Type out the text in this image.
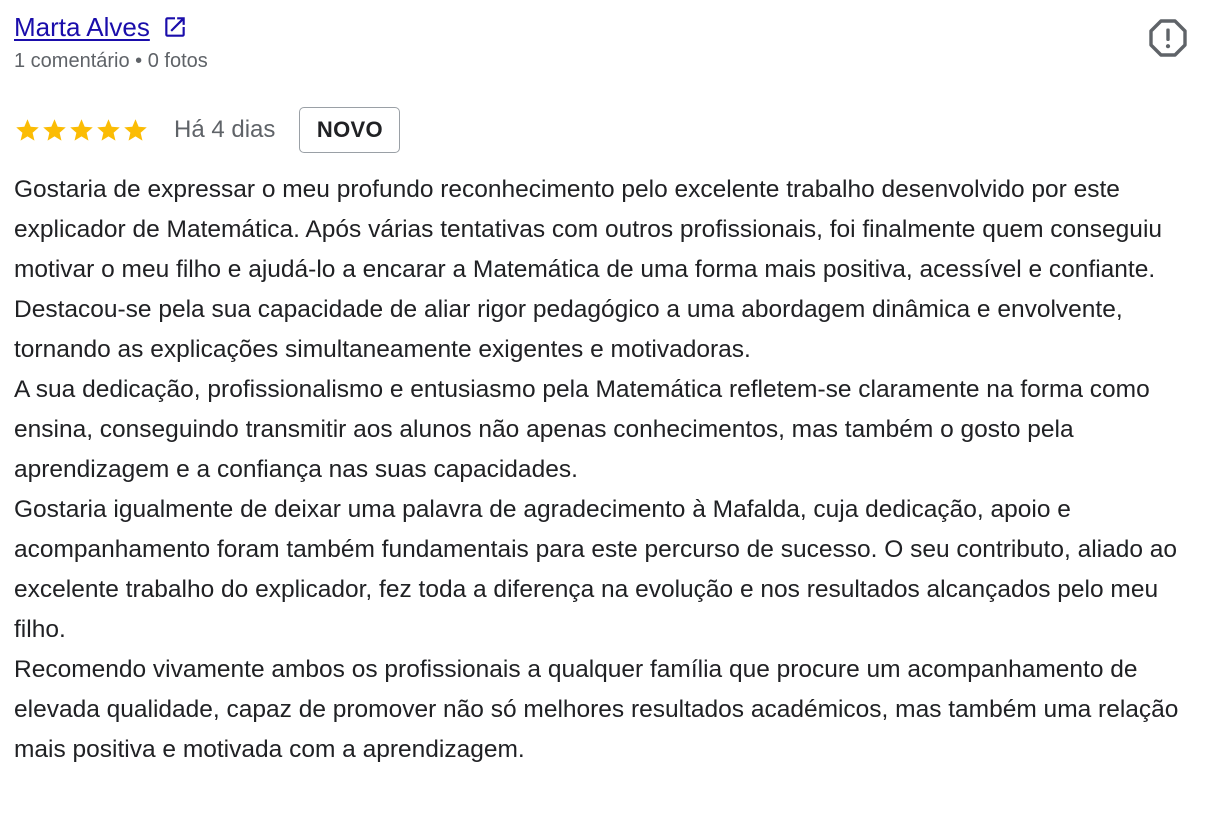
Marta Alves
1 comentário • 0 fotos
Há 4 dias	NOVO

Gostaria de expressar o meu profundo reconhecimento pelo excelente trabalho desenvolvido por este explicador de Matemática. Após várias tentativas com outros profissionais, foi finalmente quem conseguiu motivar o meu filho e ajudá-lo a encarar a Matemática de uma forma mais positiva, acessível e confiante.

Destacou-se pela sua capacidade de aliar rigor pedagógico a uma abordagem dinâmica e envolvente, tornando as explicações simultaneamente exigentes e motivadoras.

A sua dedicação, profissionalismo e entusiasmo pela Matemática refletem-se claramente na forma como ensina, conseguindo transmitir aos alunos não apenas conhecimentos, mas também o gosto pela aprendizagem e a confiança nas suas capacidades.

Gostaria igualmente de deixar uma palavra de agradecimento à Mafalda, cuja dedicação, apoio e acompanhamento foram também fundamentais para este percurso de sucesso. O seu contributo, aliado ao excelente trabalho do explicador, fez toda a diferença na evolução e nos resultados alcançados pelo meu filho.

Recomendo vivamente ambos os profissionais a qualquer família que procure um acompanhamento de elevada qualidade, capaz de promover não só melhores resultados académicos, mas também uma relação mais positiva e motivada com a aprendizagem.
